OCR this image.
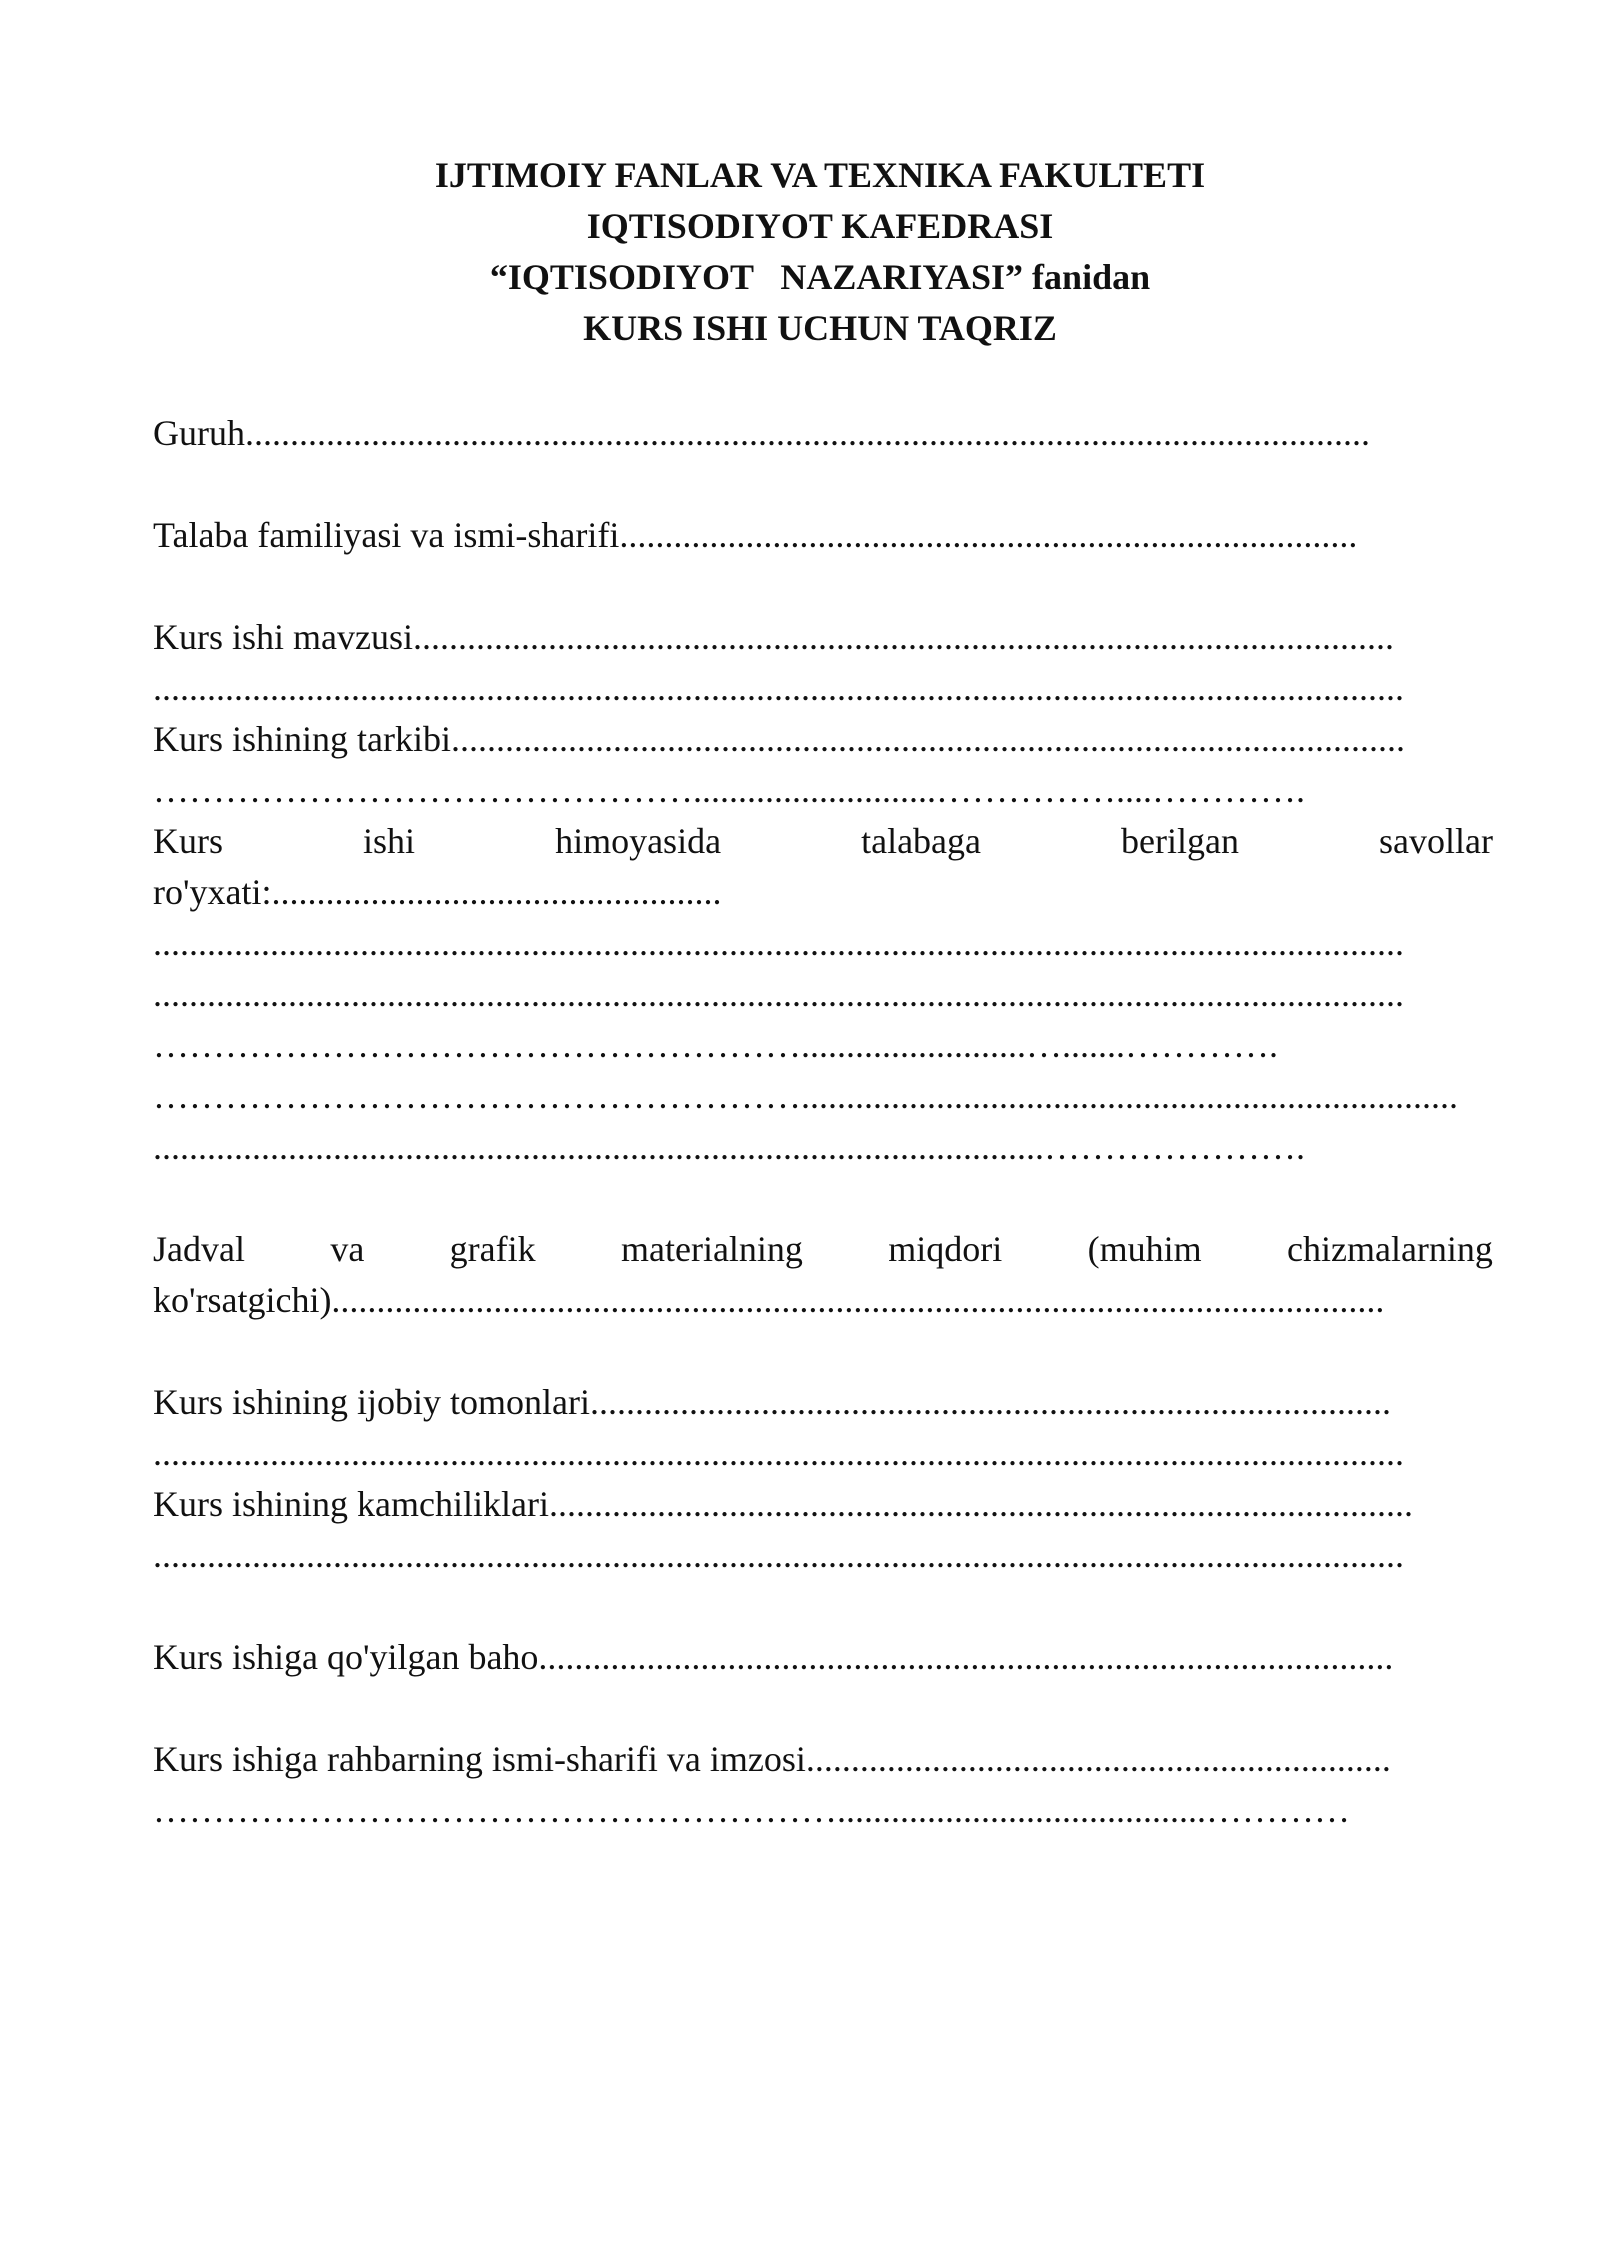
IJTIMOIY FANLAR VA TEXNIKA FAKULTETI
IQTISODIYOT KAFEDRASI
“IQTISODIYOT   NAZARIYASI” fanidan
KURS ISHI UCHUN TAQRIZ
Guruh.............................................................................................................................
Talaba familiyasi va ismi-sharifi..................................................................................
Kurs ishi mavzusi.............................................................................................................
...........................................................................................................................................
Kurs ishining tarkibi..........................................................................................................
………………………………………...........................……………....………….
Kurs	ishi	himoyasida	talabaga	berilgan	savollar
ro'yxati:..................................................
...........................................................................................................................................
...........................................................................................................................................
……………………………………………….........................….......………….
……………………………………………….........................................................................
...................................................................................................………………….
Jadval va grafik materialning miqdori (muhim chizmalarning
ko'rsatgichi).....................................................................................................................
Kurs ishining ijobiy tomonlari.........................................................................................
...........................................................................................................................................
Kurs ishining kamchiliklari................................................................................................
...........................................................................................................................................
Kurs ishiga qo'yilgan baho...............................................................................................
Kurs ishiga rahbarning ismi-sharifi va imzosi.................................................................
………………………………………………….........................................…………
